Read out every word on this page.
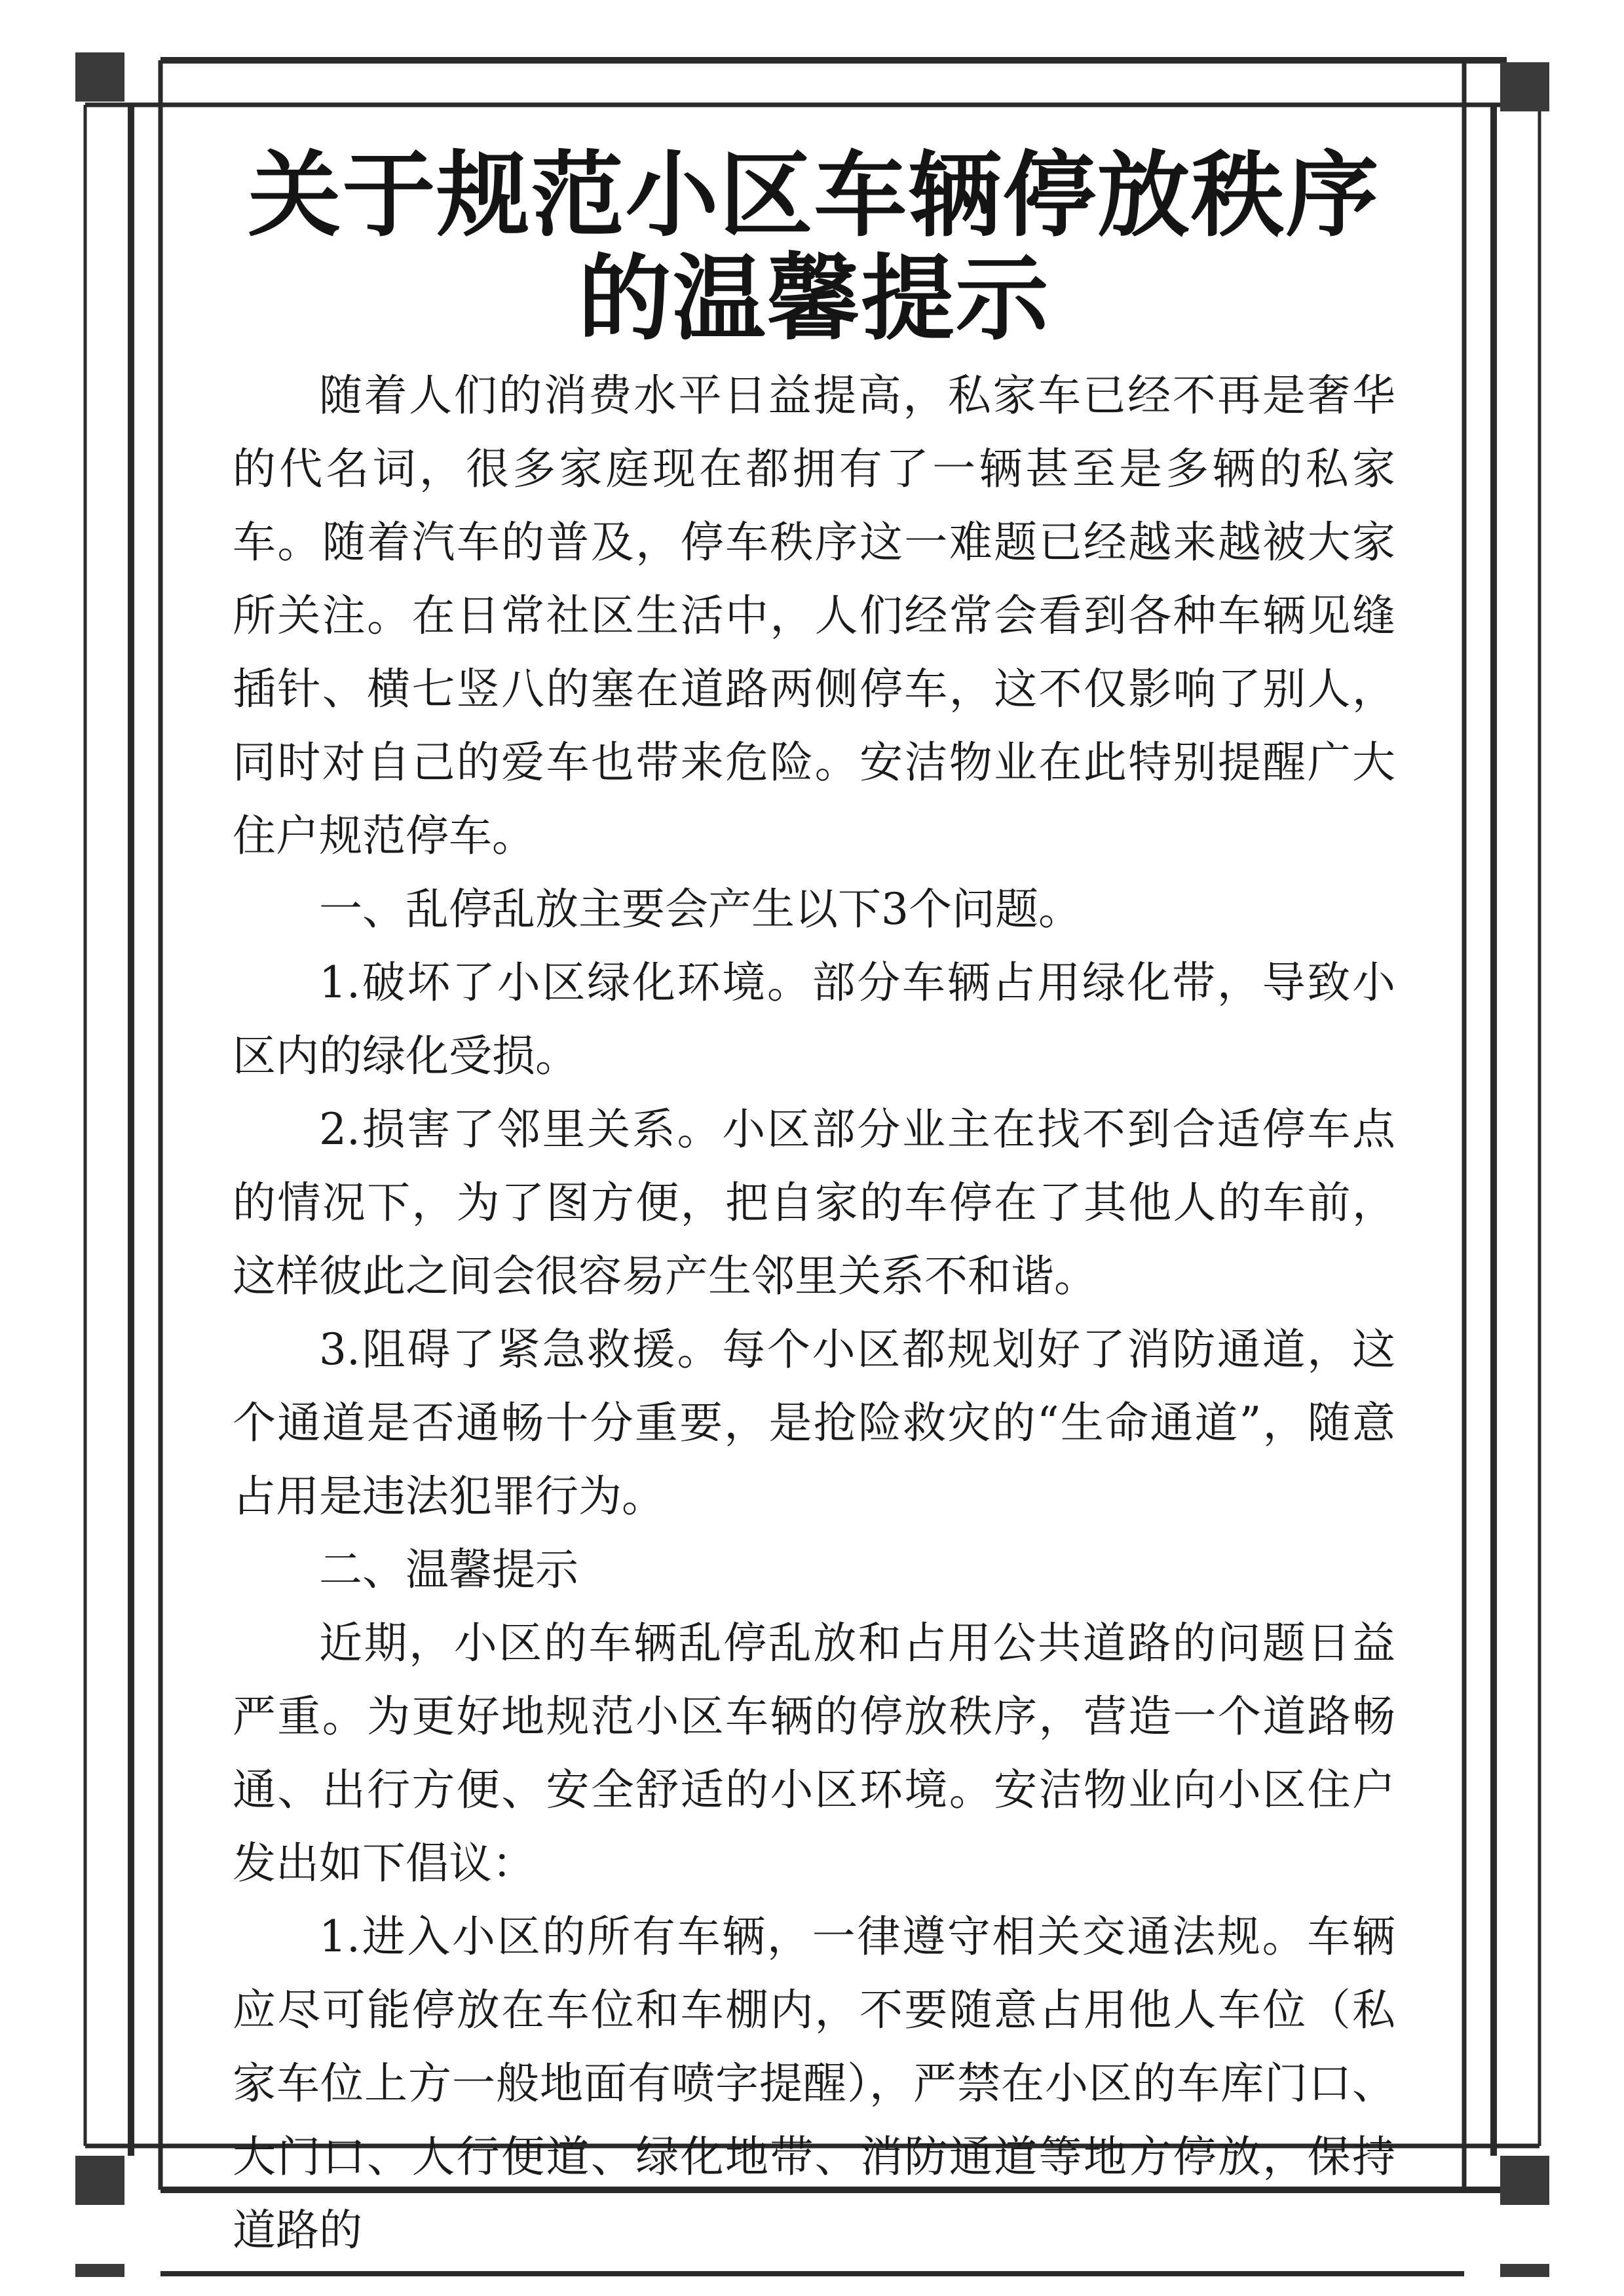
关于规范小区车辆停放秩序
的温馨提示

随着人们的消费水平日益提高，私家车已经不再是奢华的代名词，很多家庭现在都拥有了一辆甚至是多辆的私家车。随着汽车的普及，停车秩序这一难题已经越来越被大家所关注。在日常社区生活中，人们经常会看到各种车辆见缝插针、横七竖八的塞在道路两侧停车，这不仅影响了别人，同时对自己的爱车也带来危险。安洁物业在此特别提醒广大住户规范停车。

一、乱停乱放主要会产生以下3个问题。

1.破坏了小区绿化环境。部分车辆占用绿化带，导致小区内的绿化受损。

2.损害了邻里关系。小区部分业主在找不到合适停车点的情况下，为了图方便，把自家的车停在了其他人的车前，这样彼此之间会很容易产生邻里关系不和谐。

3.阻碍了紧急救援。每个小区都规划好了消防通道，这个通道是否通畅十分重要，是抢险救灾的“生命通道”，随意占用是违法犯罪行为。

二、温馨提示

近期，小区的车辆乱停乱放和占用公共道路的问题日益严重。为更好地规范小区车辆的停放秩序，营造一个道路畅通、出行方便、安全舒适的小区环境。安洁物业向小区住户发出如下倡议：

1.进入小区的所有车辆，一律遵守相关交通法规。车辆应尽可能停放在车位和车棚内，不要随意占用他人车位（私家车位上方一般地面有喷字提醒），严禁在小区的车库门口、大门口、人行便道、绿化地带、消防通道等地方停放，保持道路的
